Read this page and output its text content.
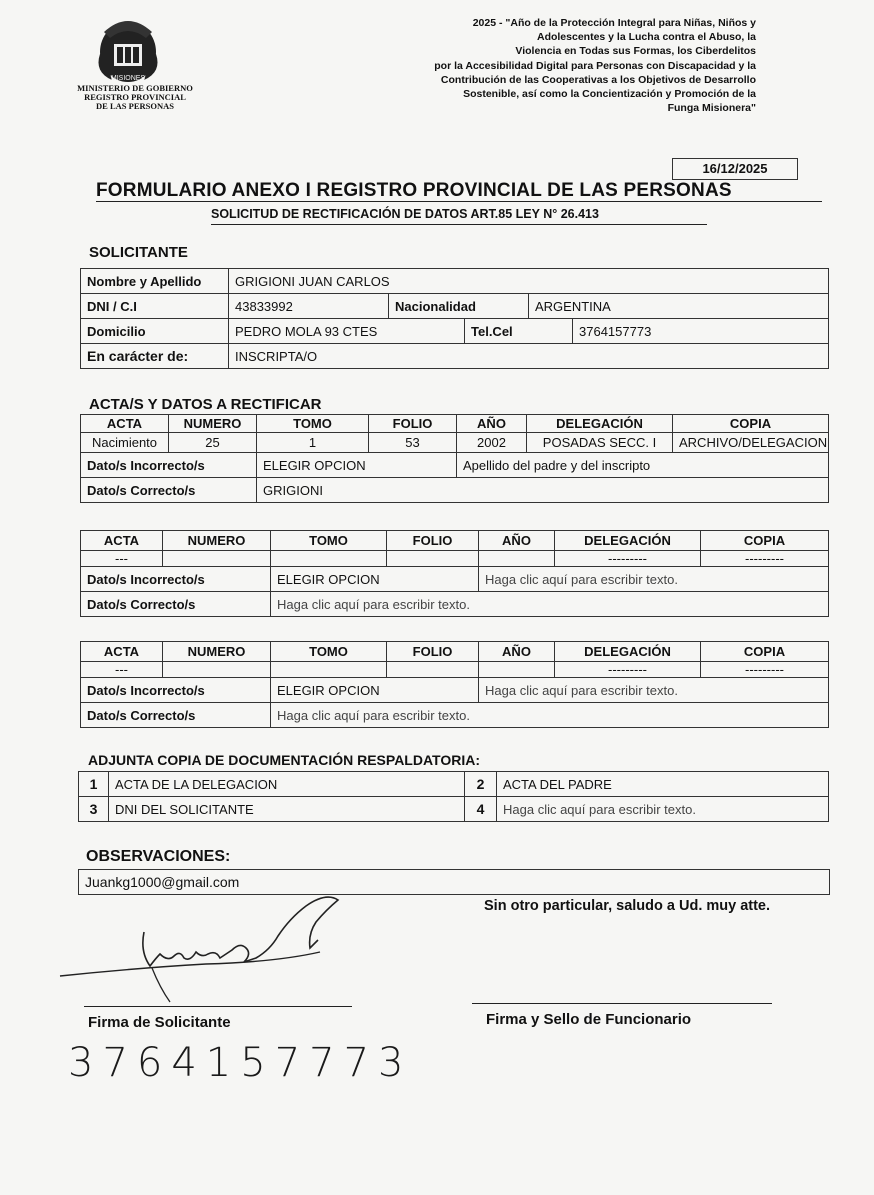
MISIONES
MINISTERIO DE GOBIERNO
REGISTRO PROVINCIAL
DE LAS PERSONAS
2025 - "Año de la Protección Integral para Niñas, Niños y
Adolescentes y la Lucha contra el Abuso, la
Violencia en Todas sus Formas, los Ciberdelitos
por la Accesibilidad Digital para Personas con Discapacidad y la
Contribución de las Cooperativas a los Objetivos de Desarrollo
Sostenible, así como la Concientización y Promoción de la
Funga Misionera"
16/12/2025
FORMULARIO ANEXO I REGISTRO PROVINCIAL DE LAS PERSONAS
SOLICITUD DE RECTIFICACIÓN DE DATOS ART.85 LEY N° 26.413
SOLICITANTE
Nombre y Apellido	GRIGIONI JUAN CARLOS				
DNI / C.I	43833992	Nacionalidad		ARGENTINA	
Domicilio	PEDRO MOLA 93 CTES		Tel.Cel		3764157773
En carácter de:	INSCRIPTA/O				
ACTA/S Y DATOS A RECTIFICAR
ACTA	NUMERO	TOMO	FOLIO	AÑO	DELEGACIÓN	COPIA
Nacimiento	25	1	53	2002	POSADAS SECC. I	ARCHIVO/DELEGACION
Dato/s Incorrecto/s		ELEGIR OPCION		Apellido del padre y del inscripto		
Dato/s Correcto/s		GRIGIONI				
ACTA	NUMERO	TOMO	FOLIO	AÑO	DELEGACIÓN	COPIA
---					---------	---------
Dato/s Incorrecto/s		ELEGIR OPCION		Haga clic aquí para escribir texto.		
Dato/s Correcto/s		Haga clic aquí para escribir texto.				
ACTA	NUMERO	TOMO	FOLIO	AÑO	DELEGACIÓN	COPIA
---					---------	---------
Dato/s Incorrecto/s		ELEGIR OPCION		Haga clic aquí para escribir texto.		
Dato/s Correcto/s		Haga clic aquí para escribir texto.				
ADJUNTA COPIA DE DOCUMENTACIÓN RESPALDATORIA:
1	ACTA DE LA DELEGACION	2	ACTA DEL PADRE
3	DNI DEL SOLICITANTE	4	Haga clic aquí para escribir texto.
OBSERVACIONES:
Juankg1000@gmail.com
Sin otro particular, saludo a Ud. muy atte.
Firma de Solicitante	Firma y Sello de Funcionario
3764157773
